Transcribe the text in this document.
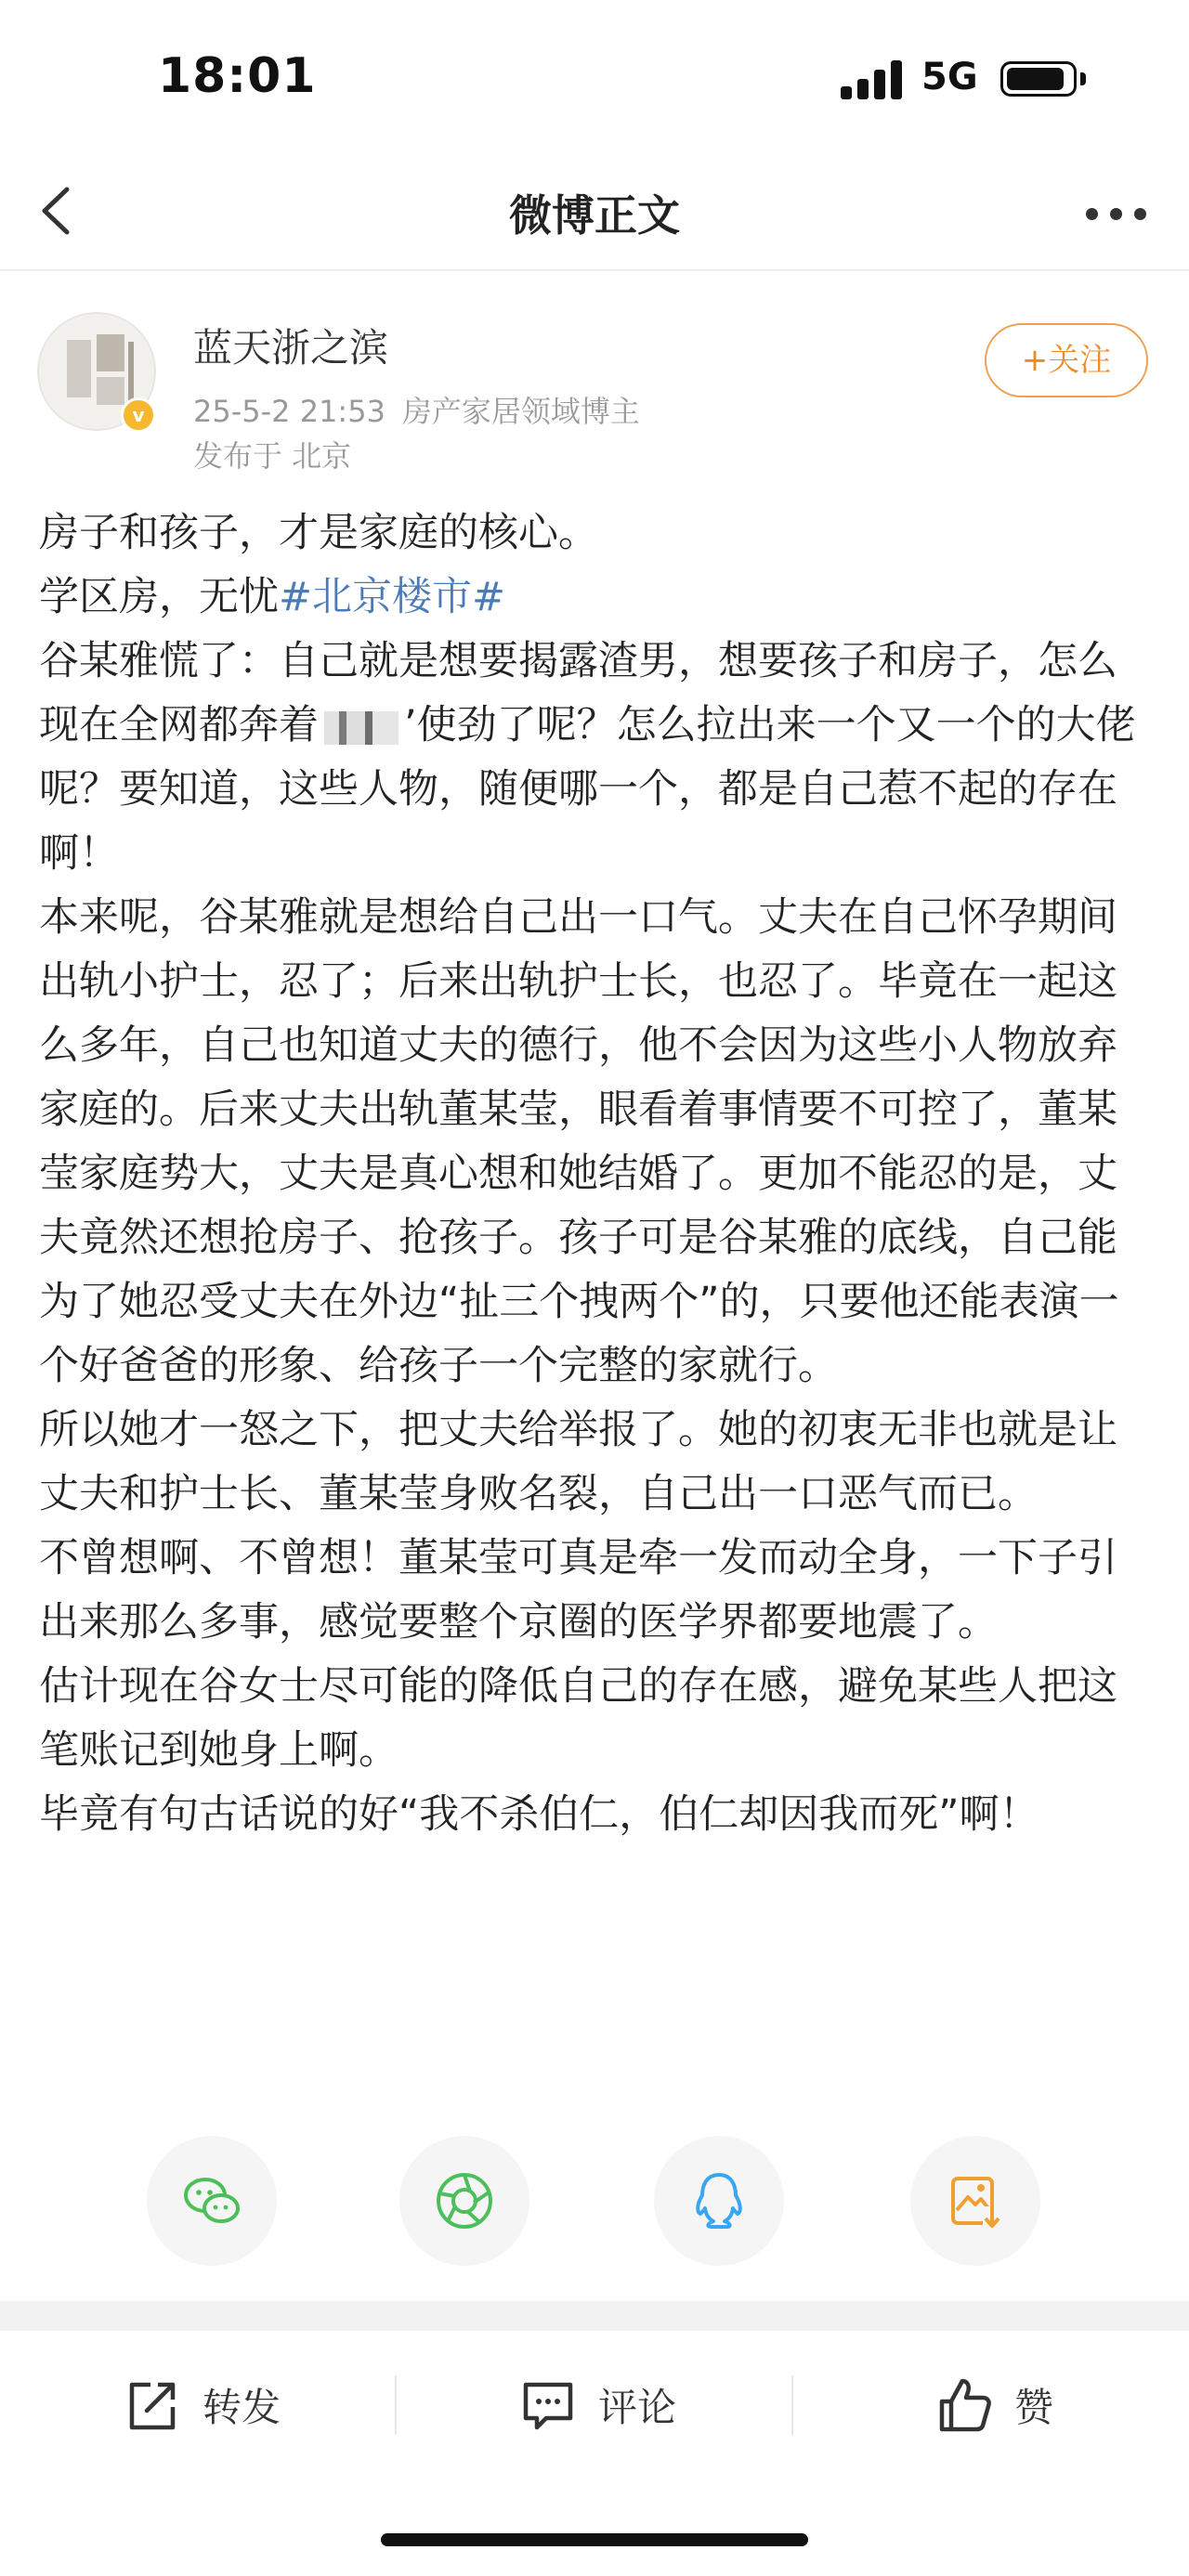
18:01	5G
微博正文
v
蓝天浙之滨
25-5-2 21:53 房产家居领域博主
发布于 北京
+关注

房子和孩子，才是家庭的核心。

学区房，无忧#北京楼市#

谷某雅慌了：自己就是想要揭露渣男，想要孩子和房子，怎么现在全网都奔着 ’使劲了呢？怎么拉出来一个又一个的大佬呢？要知道，这些人物，随便哪一个，都是自己惹不起的存在啊！

本来呢，谷某雅就是想给自己出一口气。丈夫在自己怀孕期间出轨小护士，忍了；后来出轨护士长，也忍了。毕竟在一起这么多年，自己也知道丈夫的德行，他不会因为这些小人物放弃家庭的。后来丈夫出轨董某莹，眼看着事情要不可控了，董某莹家庭势大，丈夫是真心想和她结婚了。更加不能忍的是，丈夫竟然还想抢房子、抢孩子。孩子可是谷某雅的底线，自己能为了她忍受丈夫在外边“扯三个拽两个”的，只要他还能表演一个好爸爸的形象、给孩子一个完整的家就行。

所以她才一怒之下，把丈夫给举报了。她的初衷无非也就是让丈夫和护士长、董某莹身败名裂，自己出一口恶气而已。

不曾想啊、不曾想！董某莹可真是牵一发而动全身，一下子引出来那么多事，感觉要整个京圈的医学界都要地震了。

估计现在谷女士尽可能的降低自己的存在感，避免某些人把这笔账记到她身上啊。

毕竟有句古话说的好“我不杀伯仁，伯仁却因我而死”啊！

转发	评论	赞
